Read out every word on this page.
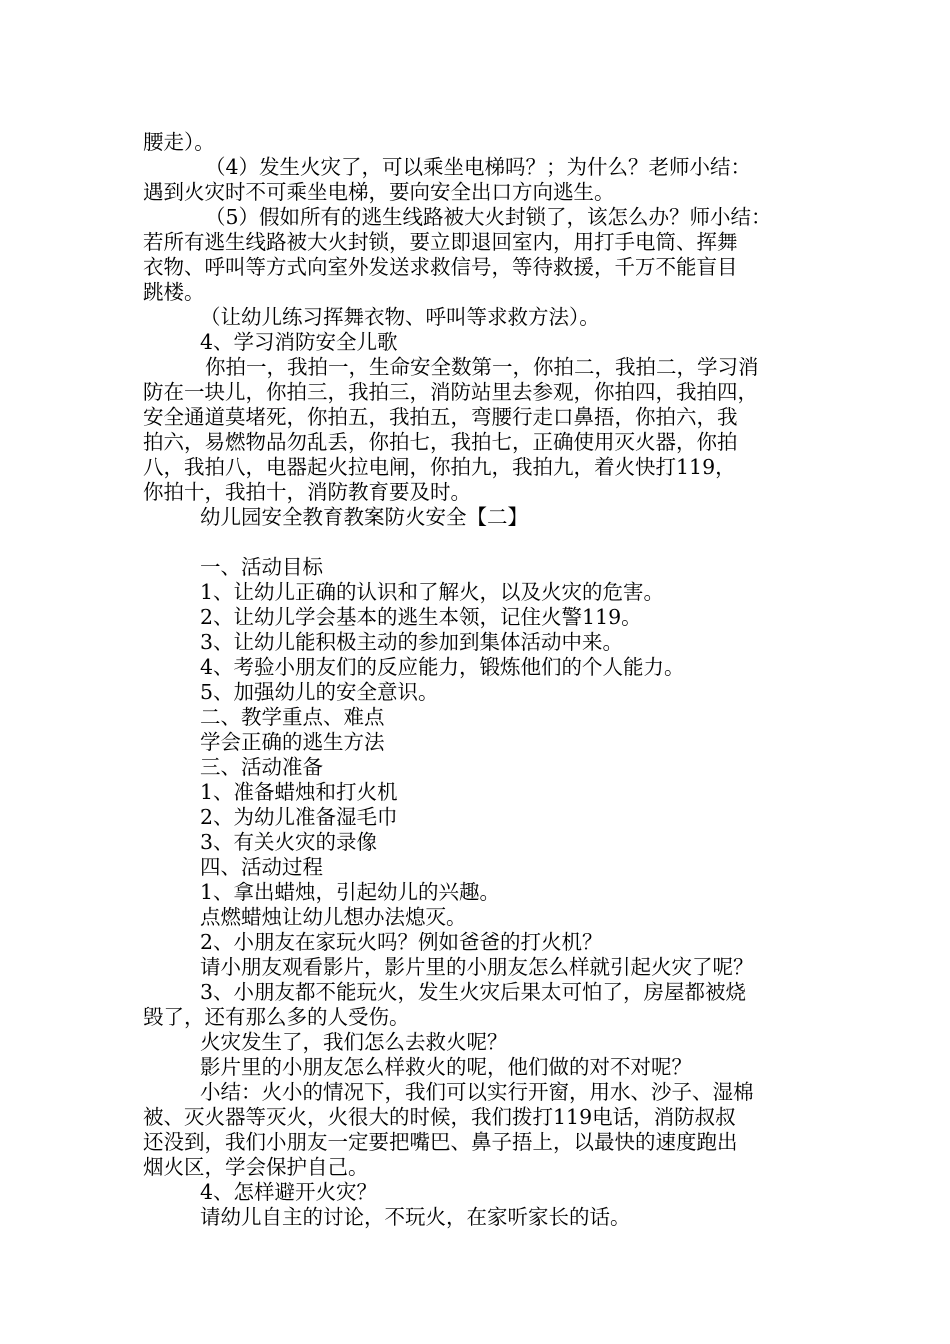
腰走）。
（4）发生火灾了，可以乘坐电梯吗？；为什么？老师小结：
遇到火灾时不可乘坐电梯，要向安全出口方向逃生。
（5）假如所有的逃生线路被大火封锁了，该怎么办？师小结：
若所有逃生线路被大火封锁，要立即退回室内，用打手电筒、挥舞
衣物、呼叫等方式向室外发送求救信号，等待救援，千万不能盲目
跳楼。
（让幼儿练习挥舞衣物、呼叫等求救方法）。
4、学习消防安全儿歌
你拍一，我拍一，生命安全数第一，你拍二，我拍二，学习消
防在一块儿，你拍三，我拍三，消防站里去参观，你拍四，我拍四，
安全通道莫堵死，你拍五，我拍五，弯腰行走口鼻捂，你拍六，我
拍六，易燃物品勿乱丢，你拍七，我拍七，正确使用灭火器，你拍
八，我拍八，电器起火拉电闸，你拍九，我拍九，着火快打119，
你拍十，我拍十，消防教育要及时。
幼儿园安全教育教案防火安全【二】
一、活动目标
1、让幼儿正确的认识和了解火，以及火灾的危害。
2、让幼儿学会基本的逃生本领，记住火警119。
3、让幼儿能积极主动的参加到集体活动中来。
4、考验小朋友们的反应能力，锻炼他们的个人能力。
5、加强幼儿的安全意识。
二、教学重点、难点
学会正确的逃生方法
三、活动准备
1、准备蜡烛和打火机
2、为幼儿准备湿毛巾
3、有关火灾的录像
四、活动过程
1、拿出蜡烛，引起幼儿的兴趣。
点燃蜡烛让幼儿想办法熄灭。
2、小朋友在家玩火吗？例如爸爸的打火机？
请小朋友观看影片，影片里的小朋友怎么样就引起火灾了呢？
3、小朋友都不能玩火，发生火灾后果太可怕了，房屋都被烧
毁了，还有那么多的人受伤。
火灾发生了，我们怎么去救火呢？
影片里的小朋友怎么样救火的呢，他们做的对不对呢？
小结：火小的情况下，我们可以实行开窗，用水、沙子、湿棉
被、灭火器等灭火，火很大的时候，我们拨打119电话，消防叔叔
还没到，我们小朋友一定要把嘴巴、鼻子捂上，以最快的速度跑出
烟火区，学会保护自己。
4、怎样避开火灾？
请幼儿自主的讨论，不玩火，在家听家长的话。
